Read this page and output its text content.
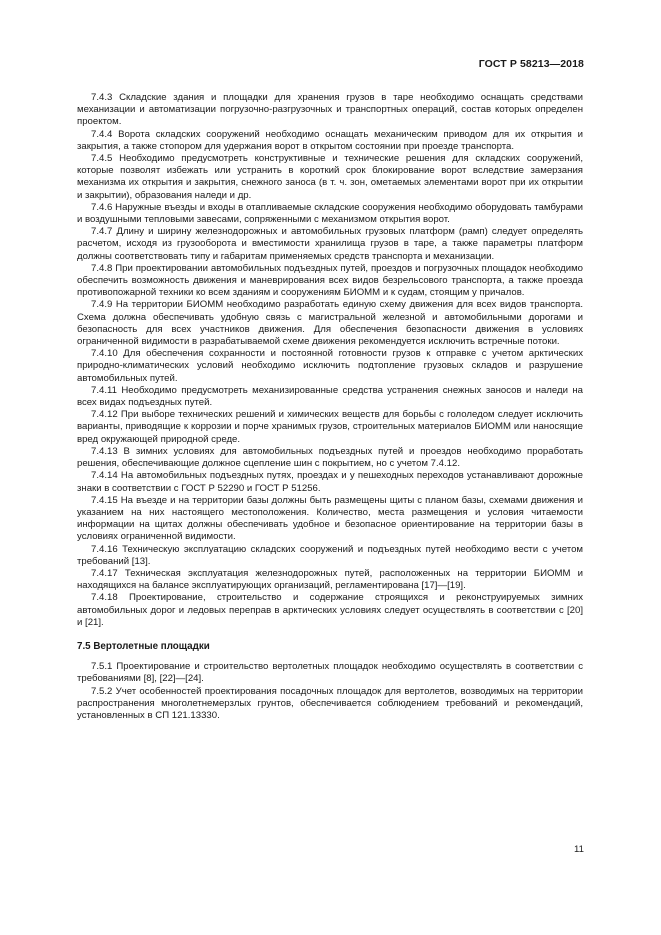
ГОСТ Р 58213—2018

7.4.3 Складские здания и площадки для хранения грузов в таре необходимо оснащать средствами механизации и автоматизации погрузочно-разгрузочных и транспортных операций, состав которых определен проектом.

7.4.4 Ворота складских сооружений необходимо оснащать механическим приводом для их открытия и закрытия, а также стопором для удержания ворот в открытом состоянии при проезде транспорта.

7.4.5 Необходимо предусмотреть конструктивные и технические решения для складских сооружений, которые позволят избежать или устранить в короткий срок блокирование ворот вследствие замерзания механизма их открытия и закрытия, снежного заноса (в т. ч. зон, ометаемых элементами ворот при их открытии и закрытии), образования наледи и др.

7.4.6 Наружные въезды и входы в отапливаемые складские сооружения необходимо оборудовать тамбурами и воздушными тепловыми завесами, сопряженными с механизмом открытия ворот.

7.4.7 Длину и ширину железнодорожных и автомобильных грузовых платформ (рамп) следует определять расчетом, исходя из грузооборота и вместимости хранилища грузов в таре, а также параметры платформ должны соответствовать типу и габаритам применяемых средств транспорта и механизации.

7.4.8 При проектировании автомобильных подъездных путей, проездов и погрузочных площадок необходимо обеспечить возможность движения и маневрирования всех видов безрельсового транспорта, а также проезда противопожарной техники ко всем зданиям и сооружениям БИОММ и к судам, стоящим у причалов.

7.4.9 На территории БИОММ необходимо разработать единую схему движения для всех видов транспорта. Схема должна обеспечивать удобную связь с магистральной железной и автомобильными дорогами и безопасность для всех участников движения. Для обеспечения безопасности движения в условиях ограниченной видимости в разрабатываемой схеме движения рекомендуется исключить встречные потоки.

7.4.10 Для обеспечения сохранности и постоянной готовности грузов к отправке с учетом арктических природно-климатических условий необходимо исключить подтопление грузовых складов и разрушение автомобильных путей.

7.4.11 Необходимо предусмотреть механизированные средства устранения снежных заносов и наледи на всех видах подъездных путей.

7.4.12 При выборе технических решений и химических веществ для борьбы с гололедом следует исключить варианты, приводящие к коррозии и порче хранимых грузов, строительных материалов БИОММ или наносящие вред окружающей природной среде.

7.4.13 В зимних условиях для автомобильных подъездных путей и проездов необходимо проработать решения, обеспечивающие должное сцепление шин с покрытием, но с учетом 7.4.12.

7.4.14 На автомобильных подъездных путях, проездах и у пешеходных переходов устанавливают дорожные знаки в соответствии с ГОСТ Р 52290 и ГОСТ Р 51256.

7.4.15 На въезде и на территории базы должны быть размещены щиты с планом базы, схемами движения и указанием на них настоящего местоположения. Количество, места размещения и условия читаемости информации на щитах должны обеспечивать удобное и безопасное ориентирование на территории базы в условиях ограниченной видимости.

7.4.16 Техническую эксплуатацию складских сооружений и подъездных путей необходимо вести с учетом требований [13].

7.4.17 Техническая эксплуатация железнодорожных путей, расположенных на территории БИОММ и находящихся на балансе эксплуатирующих организаций, регламентирована [17]—[19].

7.4.18 Проектирование, строительство и содержание строящихся и реконструируемых зимних автомобильных дорог и ледовых переправ в арктических условиях следует осуществлять в соответствии с [20] и [21].

7.5 Вертолетные площадки

7.5.1 Проектирование и строительство вертолетных площадок необходимо осуществлять в соответствии с требованиями [8], [22]—[24].

7.5.2 Учет особенностей проектирования посадочных площадок для вертолетов, возводимых на территории распространения многолетнемерзлых грунтов, обеспечивается соблюдением требований и рекомендаций, установленных в СП 121.13330.

11
